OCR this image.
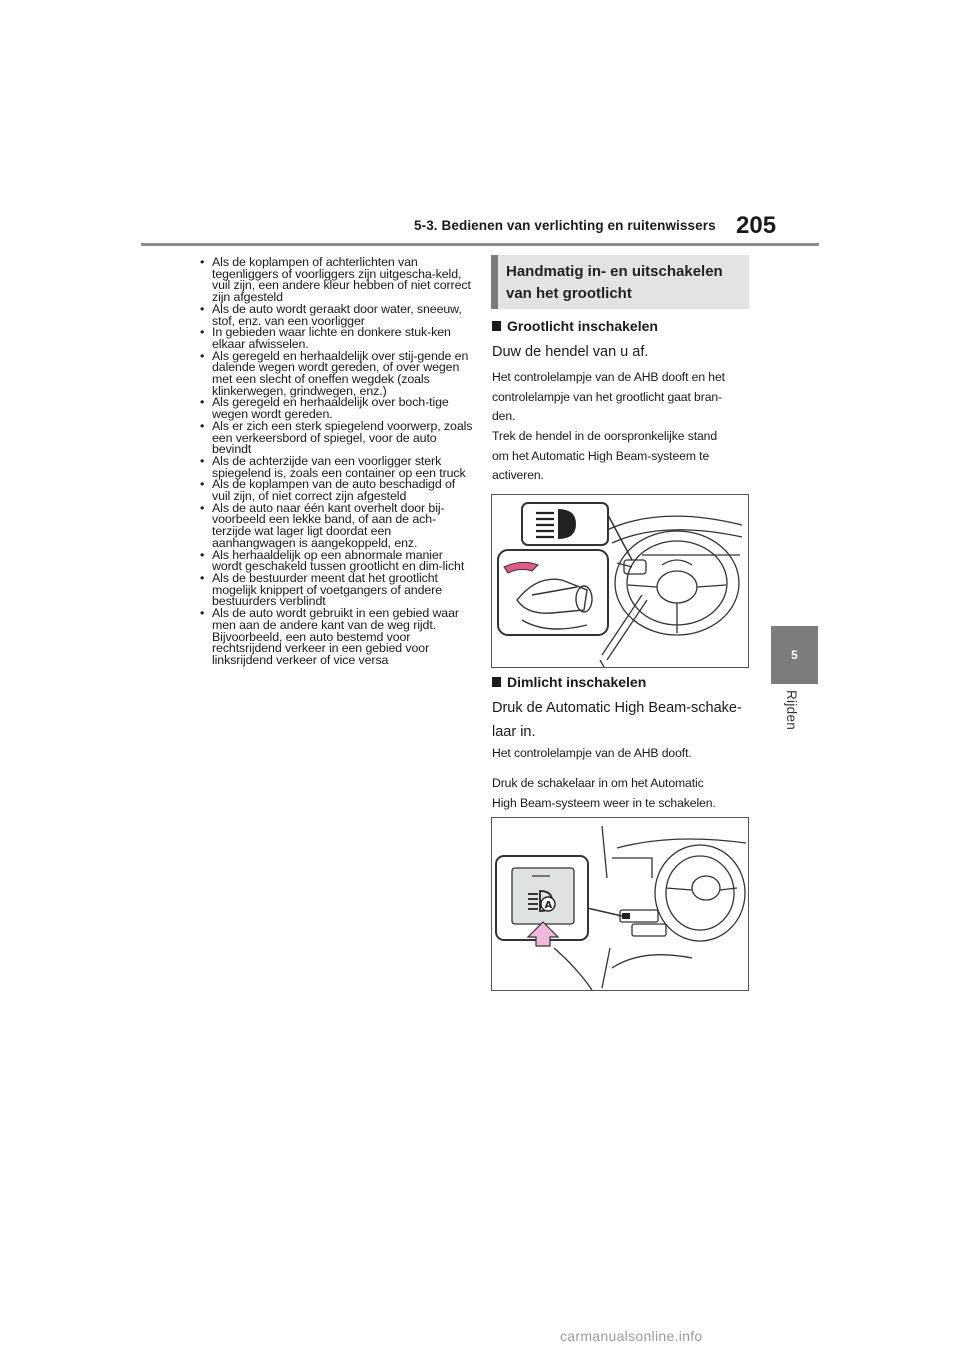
5-3. Bedienen van verlichting en ruitenwissers 205
5
Rijden
• Als de koplampen of achterlichten van tegenliggers of voorliggers zijn uitgescha-keld, vuil zijn, een andere kleur hebben of niet correct zijn afgesteld
• Als de auto wordt geraakt door water, sneeuw, stof, enz. van een voorligger
• In gebieden waar lichte en donkere stuk-ken elkaar afwisselen.
• Als geregeld en herhaaldelijk over stij-gende en dalende wegen wordt gereden, of over wegen met een slecht of oneffen wegdek (zoals klinkerwegen, grindwegen, enz.)
• Als geregeld en herhaaldelijk over boch-tige wegen wordt gereden.
• Als er zich een sterk spiegelend voorwerp, zoals een verkeersbord of spiegel, voor de auto bevindt
• Als de achterzijde van een voorligger sterk spiegelend is, zoals een container op een truck
• Als de koplampen van de auto beschadigd of vuil zijn, of niet correct zijn afgesteld
• Als de auto naar één kant overhelt door bij-voorbeeld een lekke band, of aan de ach-terzijde wat lager ligt doordat een aanhangwagen is aangekoppeld, enz.
• Als herhaaldelijk op een abnormale manier wordt geschakeld tussen grootlicht en dim-licht
• Als de bestuurder meent dat het grootlicht mogelijk knippert of voetgangers of andere bestuurders verblindt
• Als de auto wordt gebruikt in een gebied waar men aan de andere kant van de weg rijdt. Bijvoorbeeld, een auto bestemd voor rechtsrijdend verkeer in een gebied voor linksrijdend verkeer of vice versa
Handmatig in- en uitschakelen
van het grootlicht
Grootlicht inschakelen
Duw de hendel van u af.
Het controlelampje van de AHB dooft en het
controlelampje van het grootlicht gaat bran-
den.
Trek de hendel in de oorspronkelijke stand
om het Automatic High Beam-systeem te
activeren.
Dimlicht inschakelen
Druk de Automatic High Beam-schake-
laar in.
Het controlelampje van de AHB dooft.
Druk de schakelaar in om het Automatic
High Beam-systeem weer in te schakelen.
A
carmanualsonline.info
